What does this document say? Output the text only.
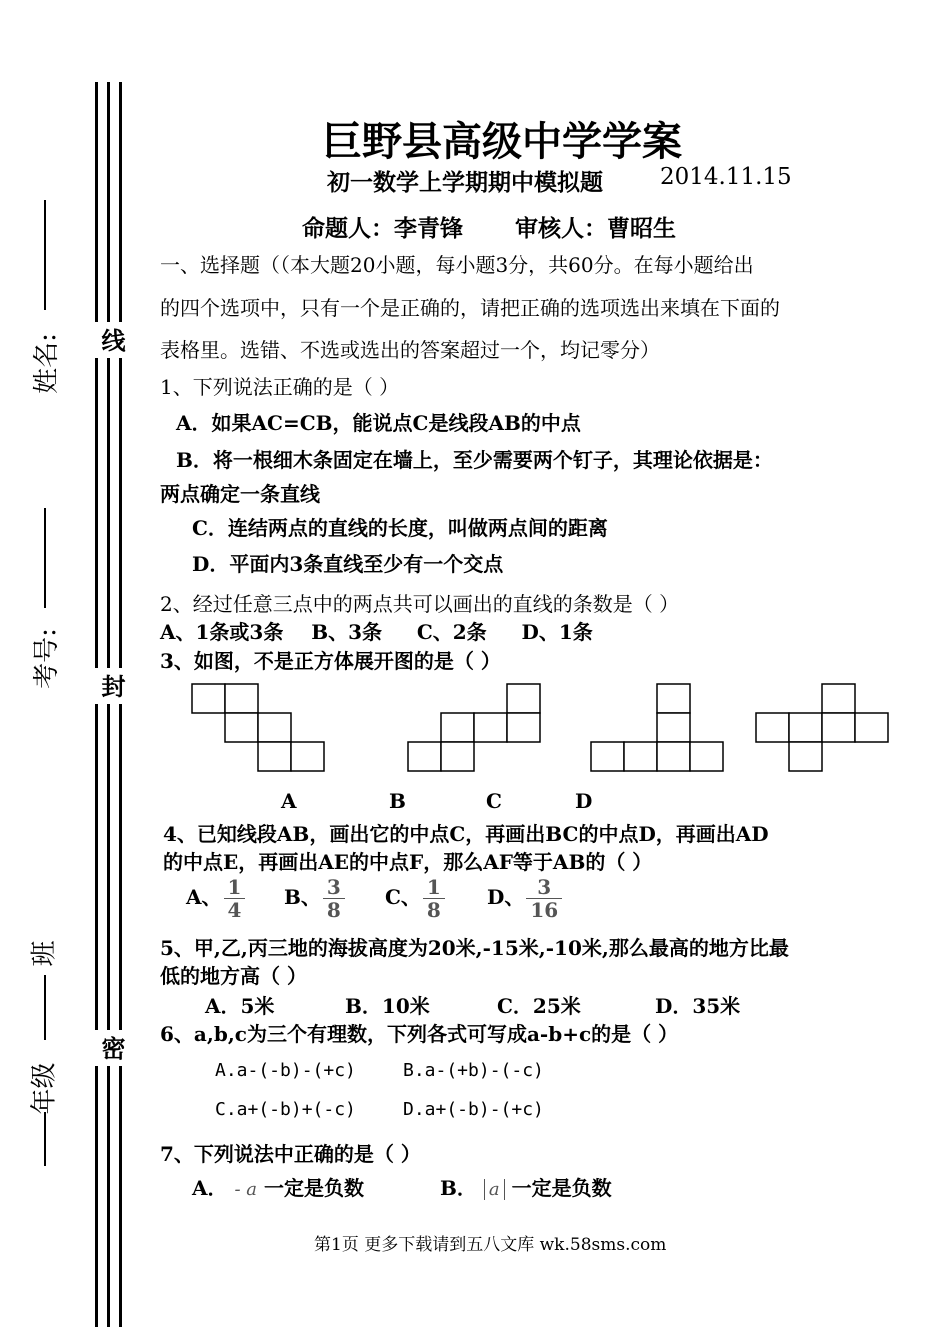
线
封
密
姓名:
考号:
班
年级
巨野县高级中学学案
初一数学上学期期中模拟题 2014.11.15
命题人：李青锋 审核人：曹昭生
一、选择题（（本大题20小题，每小题3分，共60分。在每小题给出
的四个选项中，只有一个是正确的，请把正确的选项选出来填在下面的
表格里。选错、不选或选出的答案超过一个，均记零分）
1、下列说法正确的是（ ）
A．如果AC=CB，能说点C是线段AB的中点
B．将一根细木条固定在墙上，至少需要两个钉子，其理论依据是：
两点确定一条直线
C．连结两点的直线的长度，叫做两点间的距离
D．平面内3条直线至少有一个交点
2、经过任意三点中的两点共可以画出的直线的条数是（ ）
A、1条或3条    B、3条     C、2条     D、1条
3、如图，不是正方体展开图的是（ ）
A	B	C	D
4、已知线段AB，画出它的中点C，再画出BC的中点D，再画出AD
的中点E，再画出AE的中点F，那么AF等于AB的（ ）
A、 $\frac{1}{4}$ B、 $\frac{3}{8}$ C、 $\frac{1}{8}$ D、 $\frac{3}{16}$
5、甲,乙,丙三地的海拔高度为20米,-15米,-10米,那么最高的地方比最
低的地方高（ ）
A．5米	B．10米	C．25米	D．35米
6、a,b,c为三个有理数，下列各式可写成a-b+c的是（ ）
A.a-(-b)-(+c)	B.a-(+b)-(-c)
C.a+(-b)+(-c)	D.a+(-b)-(+c)
7、下列说法中正确的是（ ）
A． - a 一定是负数	B． a 一定是负数
第1页 更多下载请到五八文库 wk.58sms.com
